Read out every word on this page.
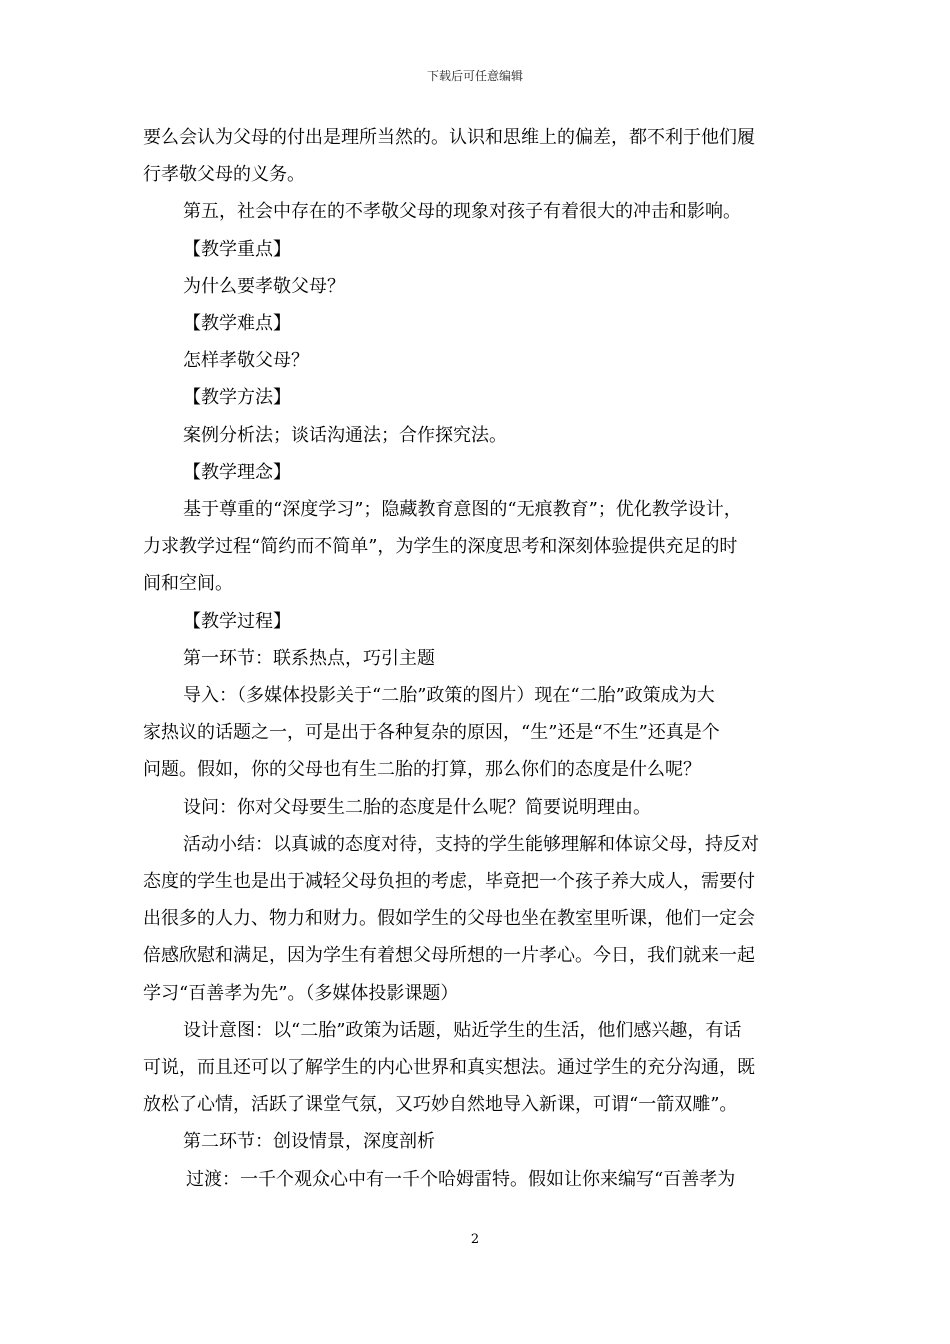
下载后可任意编辑

要么会认为父母的付出是理所当然的。认识和思维上的偏差，都不利于他们履

行孝敬父母的义务。

第五，社会中存在的不孝敬父母的现象对孩子有着很大的冲击和影响。

【教学重点】

为什么要孝敬父母？

【教学难点】

怎样孝敬父母？

【教学方法】

案例分析法；谈话沟通法；合作探究法。

【教学理念】

基于尊重的“深度学习”；隐藏教育意图的“无痕教育”；优化教学设计，

力求教学过程“简约而不简单”，为学生的深度思考和深刻体验提供充足的时

间和空间。

【教学过程】

第一环节：联系热点，巧引主题

导入：（多媒体投影关于“二胎”政策的图片）现在“二胎”政策成为大

家热议的话题之一，可是出于各种复杂的原因，“生”还是“不生”还真是个

问题。假如，你的父母也有生二胎的打算，那么你们的态度是什么呢？

设问：你对父母要生二胎的态度是什么呢？简要说明理由。

活动小结：以真诚的态度对待，支持的学生能够理解和体谅父母，持反对

态度的学生也是出于减轻父母负担的考虑，毕竟把一个孩子养大成人，需要付

出很多的人力、物力和财力。假如学生的父母也坐在教室里听课，他们一定会

倍感欣慰和满足，因为学生有着想父母所想的一片孝心。今日，我们就来一起

学习“百善孝为先”。（多媒体投影课题）

设计意图：以“二胎”政策为话题，贴近学生的生活，他们感兴趣，有话

可说，而且还可以了解学生的内心世界和真实想法。通过学生的充分沟通，既

放松了心情，活跃了课堂气氛，又巧妙自然地导入新课，可谓“一箭双雕”。

第二环节：创设情景，深度剖析

过渡：一千个观众心中有一千个哈姆雷特。假如让你来编写“百善孝为

2
